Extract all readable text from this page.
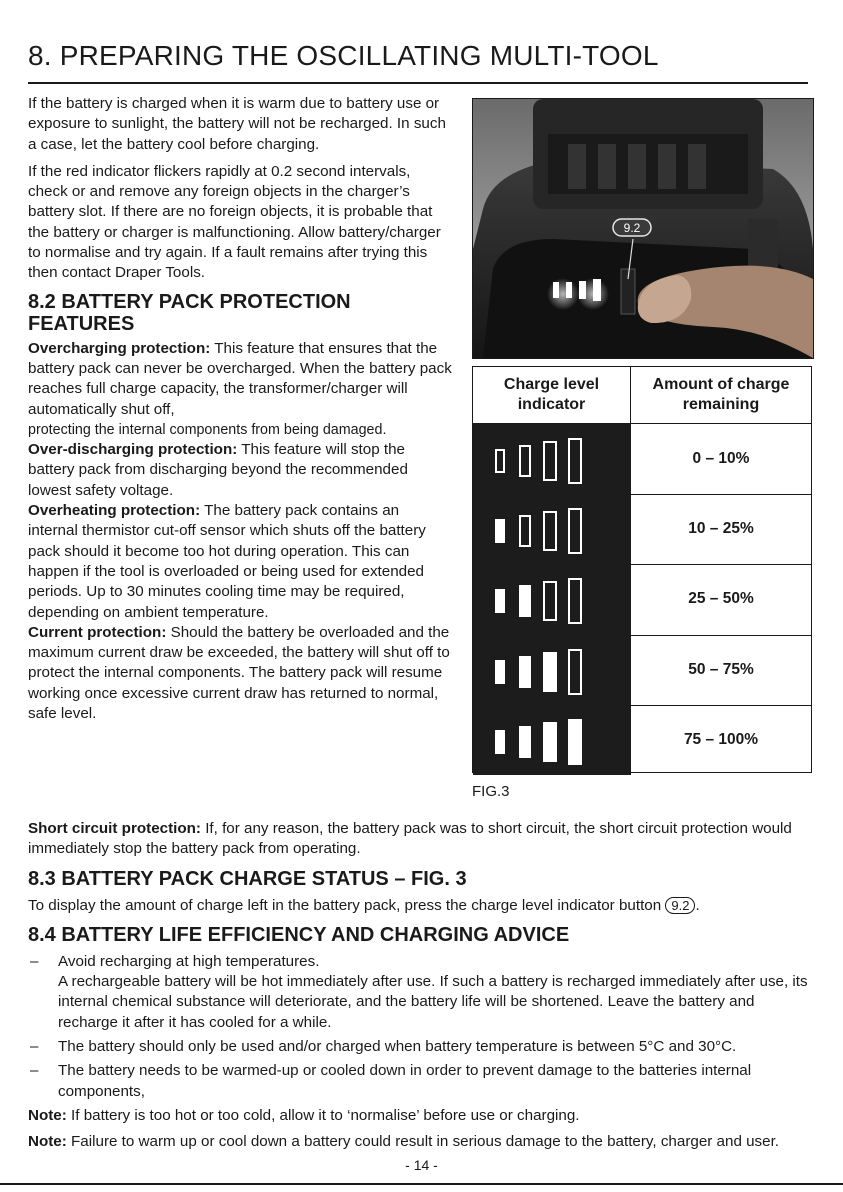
8. PREPARING THE OSCILLATING MULTI-TOOL

If the battery is charged when it is warm due to battery use or exposure to sunlight, the battery will not be recharged. In such a case, let the battery cool before charging.

If the red indicator flickers rapidly at 0.2 second intervals, check or and remove any foreign objects in the charger’s battery slot. If there are no foreign objects, it is probable that the battery or charger is malfunctioning. Allow battery/charger to normalise and try again. If a fault remains after trying this then contact Draper Tools.

8.2 BATTERY PACK PROTECTION FEATURES

Overcharging protection: This feature that ensures that the battery pack can never be overcharged. When the battery pack reaches full charge capacity, the transformer/charger will automatically shut off,
protecting the internal components from being damaged.

Over-discharging protection: This feature will stop the battery pack from discharging beyond the recommended lowest safety voltage.

Overheating protection: The battery pack contains an internal thermistor cut-off sensor which shuts off the battery pack should it become too hot during operation. This can happen if the tool is overloaded or being used for extended periods. Up to 30 minutes cooling time may be required, depending on ambient temperature.

Current protection: Should the battery be overloaded and the maximum current draw be exceeded, the battery will shut off to protect the internal components. The battery pack will resume working once excessive current draw has returned to normal, safe level.

9.2
Charge level indicator
Amount of charge remaining
0 – 10%
10 – 25%
25 – 50%
50 – 75%
75 – 100%
FIG.3

Short circuit protection: If, for any reason, the battery pack was to short circuit, the short circuit protection would immediately stop the battery pack from operating.

8.3 BATTERY PACK CHARGE STATUS – FIG. 3

To display the amount of charge left in the battery pack, press the charge level indicator button 9.2 .

8.4 BATTERY LIFE EFFICIENCY AND CHARGING ADVICE
– Avoid recharging at high temperatures.
A rechargeable battery will be hot immediately after use. If such a battery is recharged immediately after use, its internal chemical substance will deteriorate, and the battery life will be shortened. Leave the battery and recharge it after it has cooled for a while.
– The battery should only be used and/or charged when battery temperature is between 5°C and 30°C.
– The battery needs to be warmed-up or cooled down in order to prevent damage to the batteries internal components,

Note: If battery is too hot or too cold, allow it to ‘normalise’ before use or charging.

Note: Failure to warm up or cool down a battery could result in serious damage to the battery, charger and user.

- 14 -
